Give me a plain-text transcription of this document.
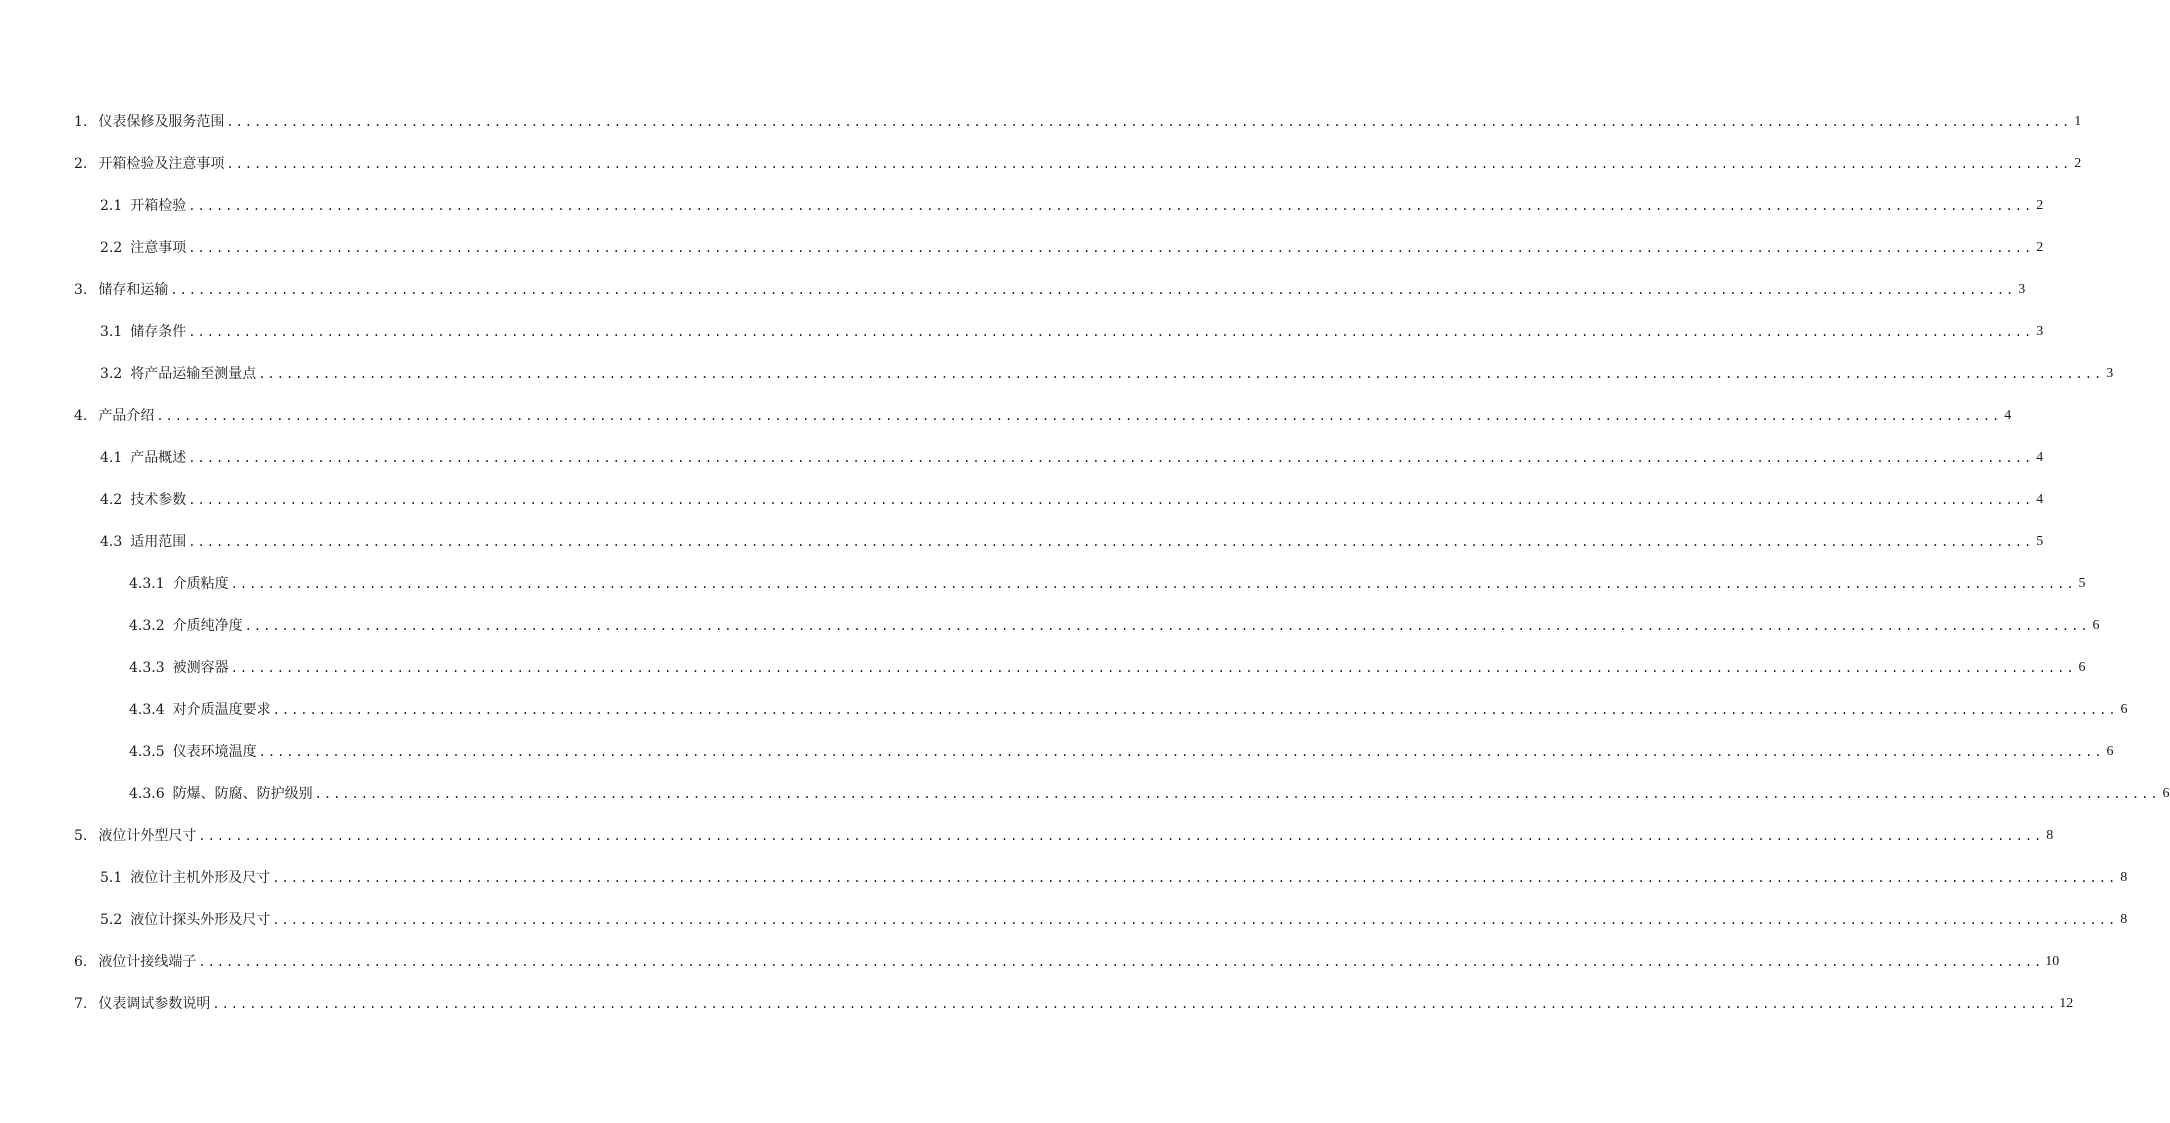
1. 仪表保修及服务范围 ........................................................................................................................................................................................................ 1
2. 开箱检验及注意事项 ........................................................................................................................................................................................................ 2
2.1 开箱检验 ........................................................................................................................................................................................................ 2
2.2 注意事项 ........................................................................................................................................................................................................ 2
3. 储存和运输 ........................................................................................................................................................................................................ 3
3.1 储存条件 ........................................................................................................................................................................................................ 3
3.2 将产品运输至测量点 ........................................................................................................................................................................................................ 3
4. 产品介绍 ........................................................................................................................................................................................................ 4
4.1 产品概述 ........................................................................................................................................................................................................ 4
4.2 技术参数 ........................................................................................................................................................................................................ 4
4.3 适用范围 ........................................................................................................................................................................................................ 5
4.3.1 介质粘度 ........................................................................................................................................................................................................ 5
4.3.2 介质纯净度 ........................................................................................................................................................................................................ 6
4.3.3 被测容器 ........................................................................................................................................................................................................ 6
4.3.4 对介质温度要求 ........................................................................................................................................................................................................ 6
4.3.5 仪表环境温度 ........................................................................................................................................................................................................ 6
4.3.6 防爆、防腐、防护级别 ........................................................................................................................................................................................................ 6
5. 液位计外型尺寸 ........................................................................................................................................................................................................ 8
5.1 液位计主机外形及尺寸 ........................................................................................................................................................................................................ 8
5.2 液位计探头外形及尺寸 ........................................................................................................................................................................................................ 8
6. 液位计接线端子 ........................................................................................................................................................................................................ 10
7. 仪表调试参数说明 ........................................................................................................................................................................................................ 12
